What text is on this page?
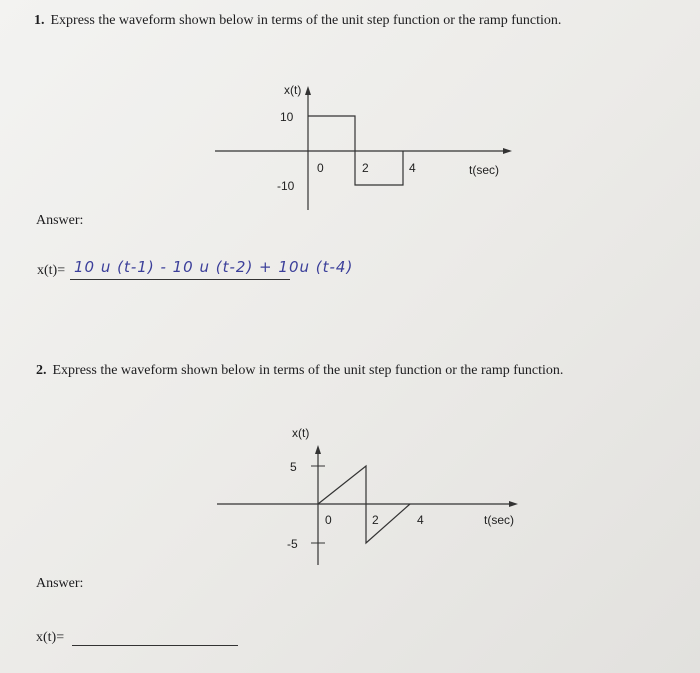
1. Express the waveform shown below in terms of the unit step function or the ramp function.
x(t)
10
-10
0	2	4	t(sec)
Answer:
x(t)= 10 u (t-1) - 10 u (t-2) + 10u (t-4)
2. Express the waveform shown below in terms of the unit step function or the ramp function.
x(t)
5
-5
0	2	4	t(sec)
Answer:
x(t)=
